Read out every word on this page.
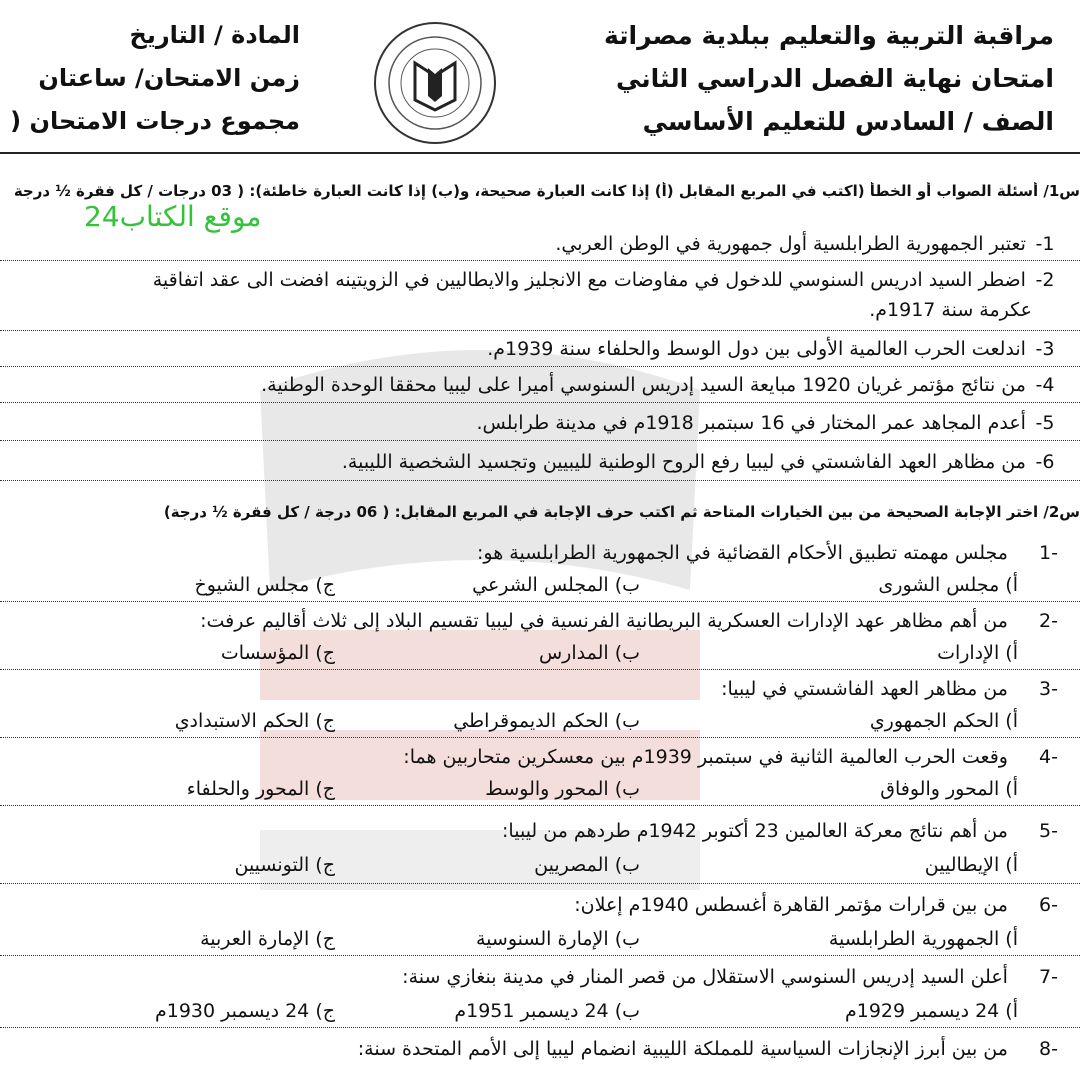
مراقبة التربية والتعليم ببلدية مصراتة
امتحان نهاية الفصل الدراسي الثاني
الصف / السادس للتعليم الأساسي
المادة / التاريخ
زمن الامتحان/ ساعتان
مجموع درجات الامتحان (
س1/ أسئلة الصواب أو الخطأ (اكتب في المربع المقابل (أ) إذا كانت العبارة صحيحة، و(ب) إذا كانت العبارة خاطئة): ( 03 درجات / كل فقرة ½ درجة
موقع الكتاب24
1- تعتبر الجمهورية الطرابلسية أول جمهورية في الوطن العربي.
2- اضطر السيد ادريس السنوسي للدخول في مفاوضات مع الانجليز والايطاليين في الزويتينه افضت الى عقد اتفاقية
عكرمة سنة 1917م.
3- اندلعت الحرب العالمية الأولى بين دول الوسط والحلفاء سنة 1939م.
4- من نتائج مؤتمر غريان 1920 مبايعة السيد إدريس السنوسي أميرا على ليبيا محققا الوحدة الوطنية.
5- أعدم المجاهد عمر المختار في 16 سبتمبر 1918م في مدينة طرابلس.
6- من مظاهر العهد الفاشستي في ليبيا رفع الروح الوطنية لليبيين وتجسيد الشخصية الليبية.
س2/ اختر الإجابة الصحيحة من بين الخيارات المتاحة ثم اكتب حرف الإجابة في المربع المقابل: ( 06 درجة / كل فقرة ½ درجة)
-1 مجلس مهمته تطبيق الأحكام القضائية في الجمهورية الطرابلسية هو:
أ) مجلس الشورى
ب) المجلس الشرعي
ج) مجلس الشيوخ
-2 من أهم مظاهر عهد الإدارات العسكرية البريطانية الفرنسية في ليبيا تقسيم البلاد إلى ثلاث أقاليم عرفت:
أ) الإدارات
ب) المدارس
ج) المؤسسات
-3 من مظاهر العهد الفاشستي في ليبيا:
أ) الحكم الجمهوري
ب) الحكم الديموقراطي
ج) الحكم الاستبدادي
-4 وقعت الحرب العالمية الثانية في سبتمبر 1939م بين معسكرين متحاربين هما:
أ) المحور والوفاق
ب) المحور والوسط
ج) المحور والحلفاء
-5 من أهم نتائج معركة العالمين 23 أكتوبر 1942م طردهم من ليبيا:
أ) الإيطاليين
ب) المصريين
ج) التونسيين
-6 من بين قرارات مؤتمر القاهرة أغسطس 1940م إعلان:
أ) الجمهورية الطرابلسية
ب) الإمارة السنوسية
ج) الإمارة العربية
-7 أعلن السيد إدريس السنوسي الاستقلال من قصر المنار في مدينة بنغازي سنة:
أ) 24 ديسمبر 1929م
ب) 24 ديسمبر 1951م
ج) 24 ديسمبر 1930م
-8 من بين أبرز الإنجازات السياسية للمملكة الليبية انضمام ليبيا إلى الأمم المتحدة سنة:
